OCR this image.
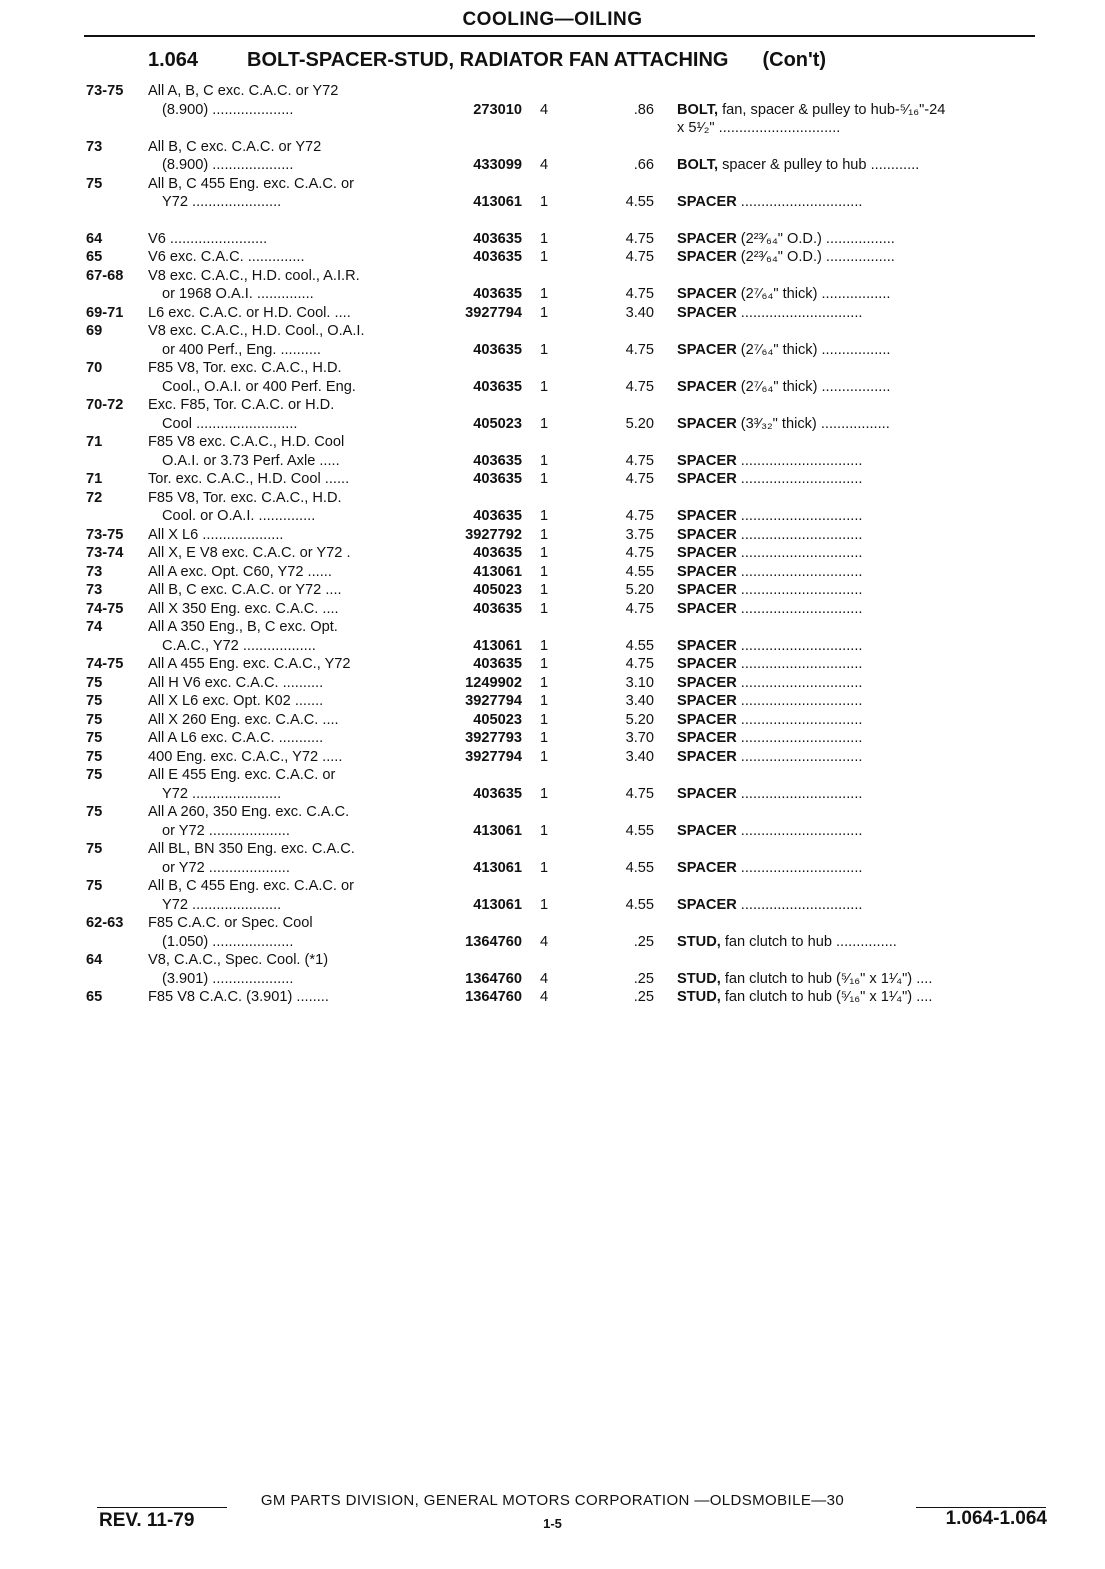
COOLING—OILING
1.064 BOLT-SPACER-STUD, RADIATOR FAN ATTACHING (Con't)
73-75	All A, B, C exc. C.A.C. or Y72
(8.900) ....................	273010 4	.86 BOLT, fan, spacer & pulley to hub-⁵⁄₁₆"-24
x 5¹⁄₂" ..............................
73	All B, C exc. C.A.C. or Y72
(8.900) ....................	433099 4	.66 BOLT, spacer & pulley to hub ............
75	All B, C 455 Eng. exc. C.A.C. or
Y72 ......................	413061 1	4.55 SPACER ..............................
64	V6 ........................	403635 1	4.75 SPACER (2²³⁄₆₄" O.D.) .................
65	V6 exc. C.A.C. ..............	403635 1	4.75 SPACER (2²³⁄₆₄" O.D.) .................
67-68	V8 exc. C.A.C., H.D. cool., A.I.R.
or 1968 O.A.I. ..............	403635 1	4.75 SPACER (2⁷⁄₆₄" thick) .................
69-71	L6 exc. C.A.C. or H.D. Cool. ....	3927794 1	3.40 SPACER ..............................
69	V8 exc. C.A.C., H.D. Cool., O.A.I.
or 400 Perf., Eng. ..........	403635 1	4.75 SPACER (2⁷⁄₆₄" thick) .................
70	F85 V8, Tor. exc. C.A.C., H.D.
Cool., O.A.I. or 400 Perf. Eng.	403635 1	4.75 SPACER (2⁷⁄₆₄" thick) .................
70-72	Exc. F85, Tor. C.A.C. or H.D.
Cool .........................	405023 1	5.20 SPACER (3³⁄₃₂" thick) .................
71	F85 V8 exc. C.A.C., H.D. Cool
O.A.I. or 3.73 Perf. Axle .....	403635 1	4.75 SPACER ..............................
71	Tor. exc. C.A.C., H.D. Cool ......	403635 1	4.75 SPACER ..............................
72	F85 V8, Tor. exc. C.A.C., H.D.
Cool. or O.A.I. ..............	403635 1	4.75 SPACER ..............................
73-75	All X L6 ....................	3927792 1	3.75 SPACER ..............................
73-74	All X, E V8 exc. C.A.C. or Y72 .	403635 1	4.75 SPACER ..............................
73	All A exc. Opt. C60, Y72 ......	413061 1	4.55 SPACER ..............................
73	All B, C exc. C.A.C. or Y72 ....	405023 1	5.20 SPACER ..............................
74-75	All X 350 Eng. exc. C.A.C. ....	403635 1	4.75 SPACER ..............................
74	All A 350 Eng., B, C exc. Opt.
C.A.C., Y72 ..................	413061 1	4.55 SPACER ..............................
74-75	All A 455 Eng. exc. C.A.C., Y72	403635 1	4.75 SPACER ..............................
75	All H V6 exc. C.A.C. ..........	1249902 1	3.10 SPACER ..............................
75	All X L6 exc. Opt. K02 .......	3927794 1	3.40 SPACER ..............................
75	All X 260 Eng. exc. C.A.C. ....	405023 1	5.20 SPACER ..............................
75	All A L6 exc. C.A.C. ...........	3927793 1	3.70 SPACER ..............................
75	400 Eng. exc. C.A.C., Y72 .....	3927794 1	3.40 SPACER ..............................
75	All E 455 Eng. exc. C.A.C. or
Y72 ......................	403635 1	4.75 SPACER ..............................
75	All A 260, 350 Eng. exc. C.A.C.
or Y72 ....................	413061 1	4.55 SPACER ..............................
75	All BL, BN 350 Eng. exc. C.A.C.
or Y72 ....................	413061 1	4.55 SPACER ..............................
75	All B, C 455 Eng. exc. C.A.C. or
Y72 ......................	413061 1	4.55 SPACER ..............................
62-63	F85 C.A.C. or Spec. Cool
(1.050) ....................	1364760 4	.25 STUD, fan clutch to hub ...............
64	V8, C.A.C., Spec. Cool. (*1)
(3.901) ....................	1364760 4	.25 STUD, fan clutch to hub (⁵⁄₁₆" x 1¹⁄₄") ....
65	F85 V8 C.A.C. (3.901) ........	1364760 4	.25 STUD, fan clutch to hub (⁵⁄₁₆" x 1¹⁄₄") ....
GM PARTS DIVISION, GENERAL MOTORS CORPORATION —OLDSMOBILE—30
REV. 11-79	1-5	1.064-1.064
